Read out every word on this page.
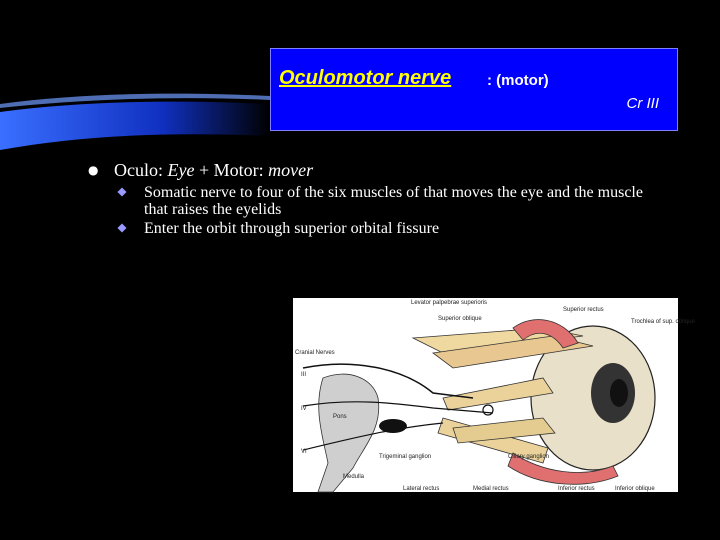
Oculomotor nerve : (motor)
Cr III
● Oculo: Eye + Motor: mover
Somatic nerve to four of the six muscles of that moves the eye and the muscle that raises the eyelids
Enter the orbit through superior orbital fissure
Levator palpebrae superioris
Superior oblique
Superior rectus
Trochlea of sup. oblique
Cranial Nerves
III
IV
VI
Pons
Trigeminal ganglion	Ciliary ganglion
Medulla
Lateral rectus	Medial rectus	Inferior rectus	Inferior oblique
